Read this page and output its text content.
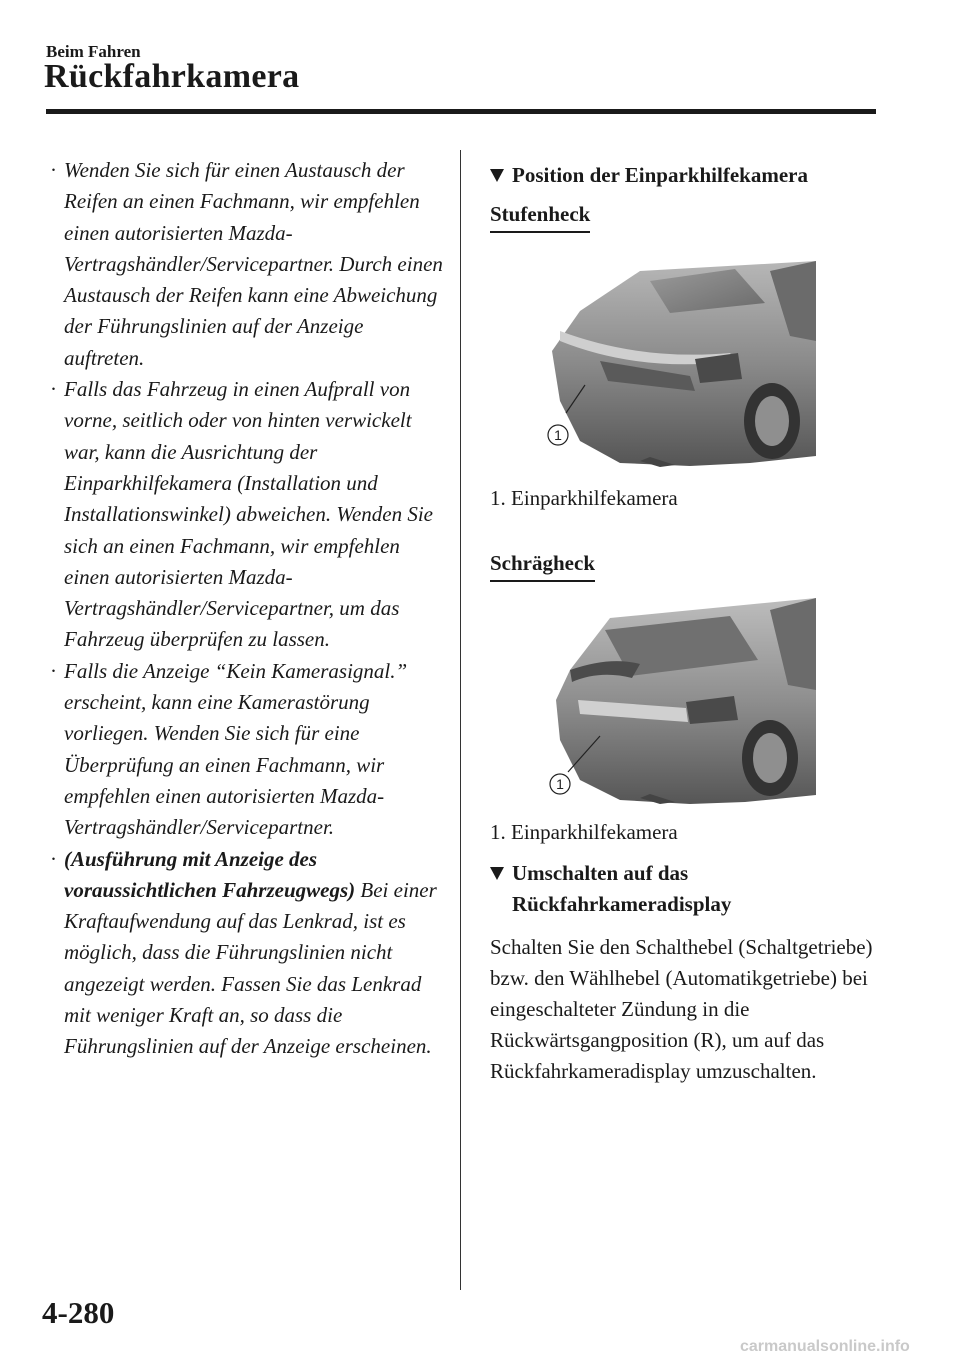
Beim Fahren
Rückfahrkamera
· Wenden Sie sich für einen Austausch der Reifen an einen Fachmann, wir empfehlen einen autorisierten Mazda-Vertragshändler/Servicepartner. Durch einen Austausch der Reifen kann eine Abweichung der Führungslinien auf der Anzeige auftreten.
· Falls das Fahrzeug in einen Aufprall von vorne, seitlich oder von hinten verwickelt war, kann die Ausrichtung der Einparkhilfekamera (Installation und Installationswinkel) abweichen. Wenden Sie sich an einen Fachmann, wir empfehlen einen autorisierten Mazda-Vertragshändler/Servicepartner, um das Fahrzeug überprüfen zu lassen.
· Falls die Anzeige “Kein Kamerasignal.” erscheint, kann eine Kamerastörung vorliegen. Wenden Sie sich für eine Überprüfung an einen Fachmann, wir empfehlen einen autorisierten Mazda-Vertragshändler/Servicepartner.
· (Ausführung mit Anzeige des voraussichtlichen Fahrzeugwegs) Bei einer Kraftaufwendung auf das Lenkrad, ist es möglich, dass die Führungslinien nicht angezeigt werden. Fassen Sie das Lenkrad mit weniger Kraft an, so dass die Führungslinien auf der Anzeige erscheinen.
Position der Einparkhilfekamera
Stufenheck
1
1. Einparkhilfekamera
Schrägheck
1
1. Einparkhilfekamera
Umschalten auf das Rückfahrkameradisplay
Schalten Sie den Schalthebel (Schaltgetriebe) bzw. den Wählhebel (Automatikgetriebe) bei eingeschalteter Zündung in die Rückwärtsgangposition (R), um auf das Rückfahrkameradisplay umzuschalten.
4-280
carmanualsonline.info
